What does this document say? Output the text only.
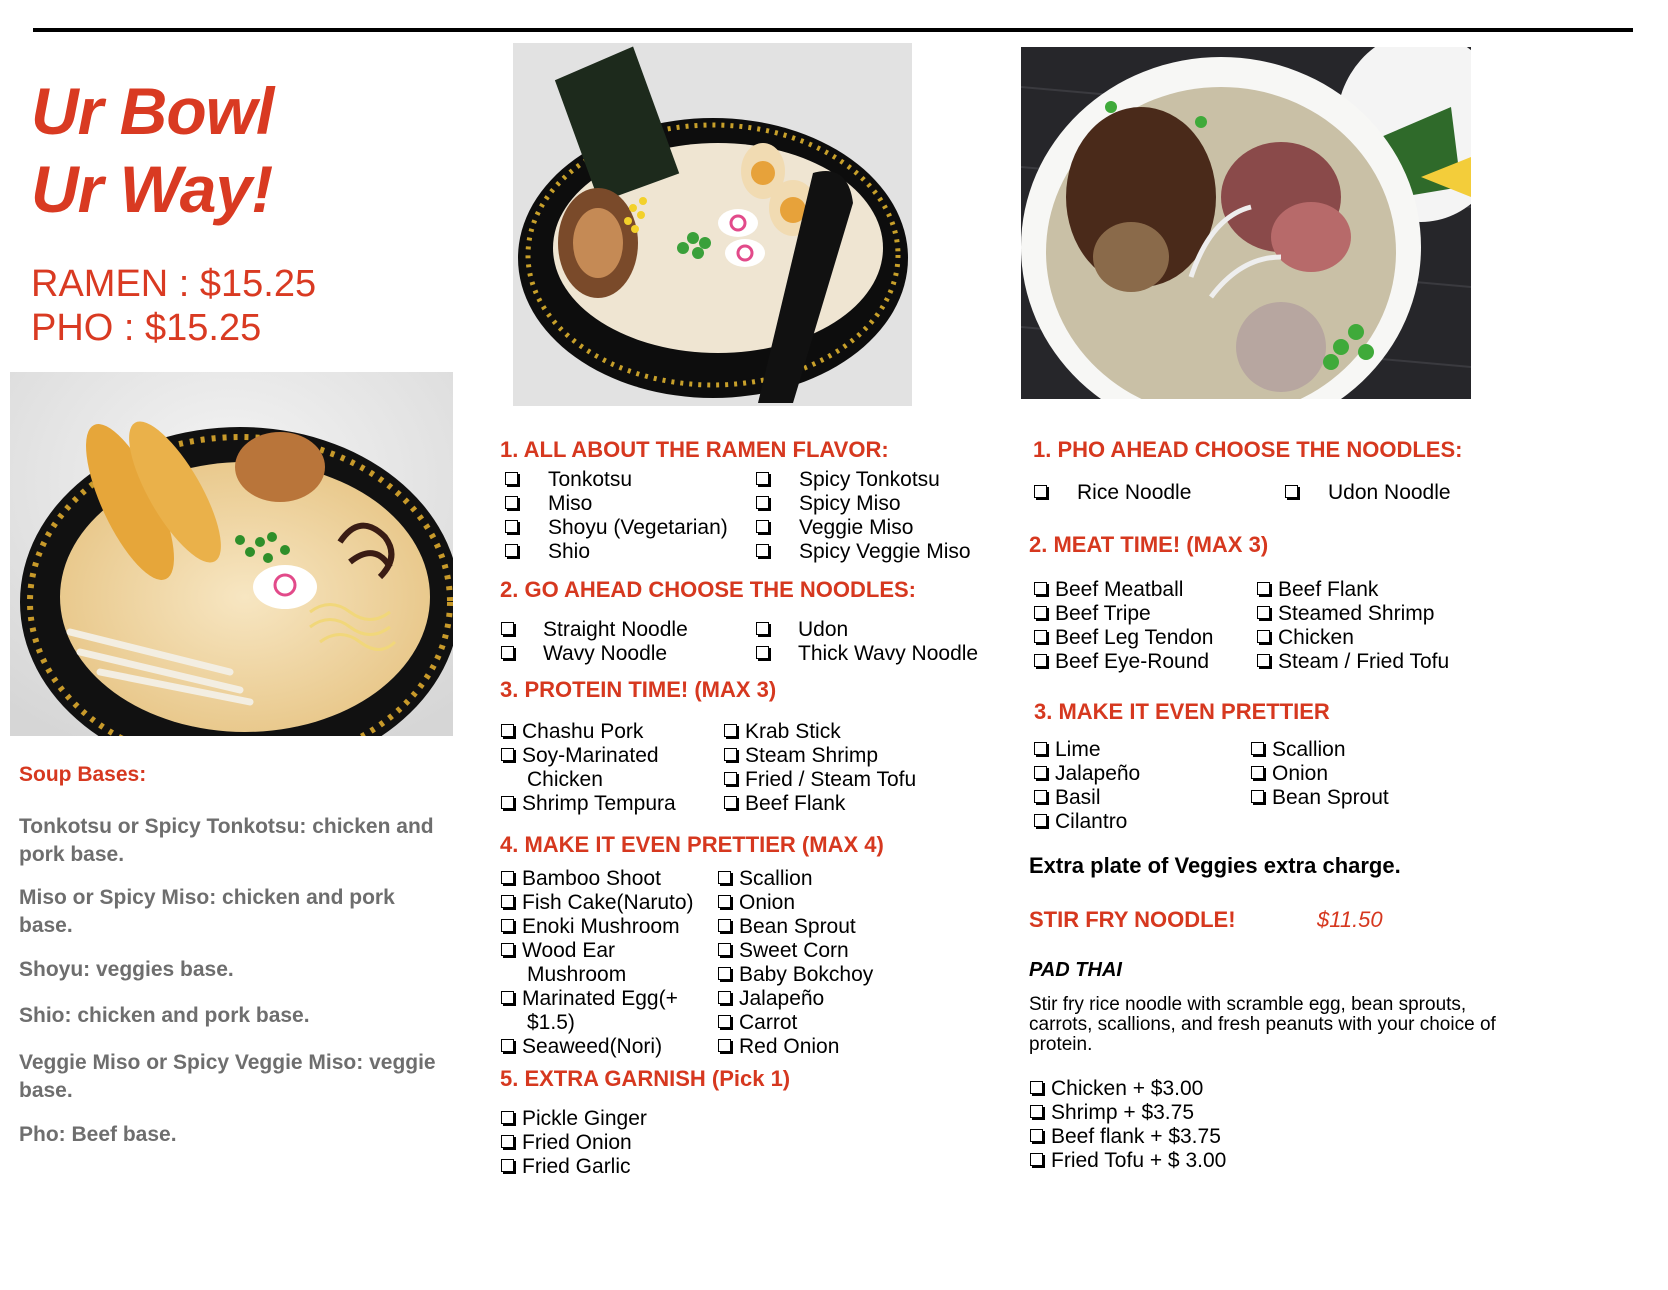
Ur Bowl
Ur Way!
RAMEN : $15.25
PHO : $15.25
Soup Bases:
Tonkotsu or Spicy Tonkotsu: chicken and pork base.
Miso or Spicy Miso: chicken and pork base.
Shoyu: veggies base.
Shio: chicken and pork base.
Veggie Miso or Spicy Veggie Miso: veggie base.
Pho: Beef base.
1. ALL ABOUT THE RAMEN FLAVOR:
Tonkotsu
Miso
Shoyu (Vegetarian)
Shio
Spicy Tonkotsu
Spicy Miso
Veggie Miso
Spicy Veggie Miso
2. GO AHEAD CHOOSE THE NOODLES:
Straight Noodle
Wavy Noodle
Udon
Thick Wavy Noodle
3. PROTEIN TIME! (MAX 3)
Chashu Pork
Soy-Marinated
Chicken
Shrimp Tempura
Krab Stick
Steam Shrimp
Fried / Steam Tofu
Beef Flank
4. MAKE IT EVEN PRETTIER (MAX 4)
Bamboo Shoot
Fish Cake(Naruto)
Enoki Mushroom
Wood Ear
Mushroom
Marinated Egg(+
$1.5)
Seaweed(Nori)
Scallion
Onion
Bean Sprout
Sweet Corn
Baby Bokchoy
Jalapeño
Carrot
Red Onion
5. EXTRA GARNISH (Pick 1)
Pickle Ginger
Fried Onion
Fried Garlic
1. PHO AHEAD CHOOSE THE NOODLES:
Rice Noodle	Udon Noodle
2. MEAT TIME! (MAX 3)
Beef Meatball
Beef Tripe
Beef Leg Tendon
Beef Eye-Round
Beef Flank
Steamed Shrimp
Chicken
Steam / Fried Tofu
3. MAKE IT EVEN PRETTIER
Lime
Jalapeño
Basil
Cilantro
Scallion
Onion
Bean Sprout
Extra plate of Veggies extra charge.
STIR FRY NOODLE!	$11.50
PAD THAI
Stir fry rice noodle with scramble egg, bean sprouts, carrots, scallions, and fresh peanuts with your choice of protein.
Chicken + $3.00
Shrimp + $3.75
Beef flank + $3.75
Fried Tofu + $ 3.00
